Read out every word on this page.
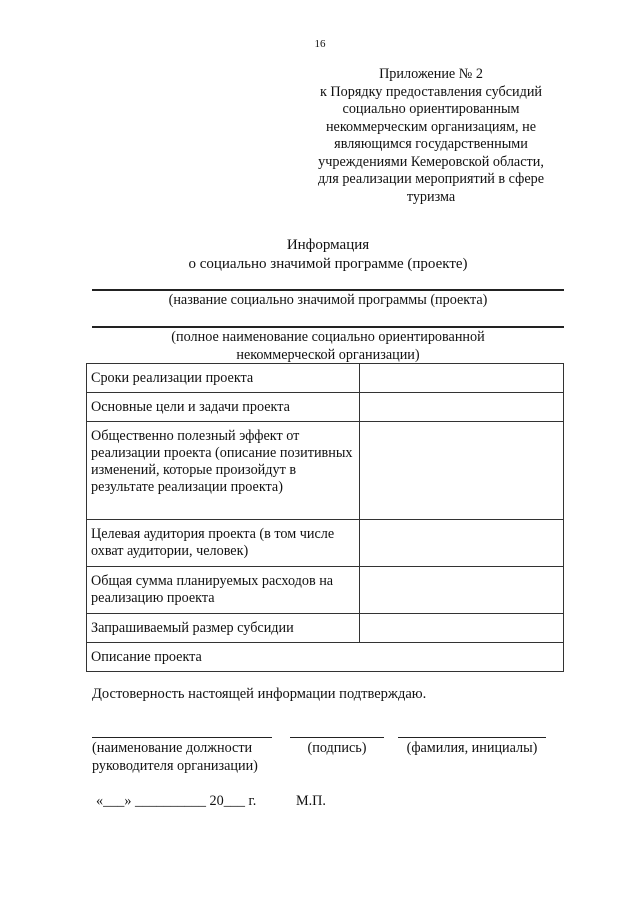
16
Приложение № 2
к Порядку предоставления субсидий
социально ориентированным
некоммерческим организациям, не
являющимся государственными
учреждениями Кемеровской области,
для реализации мероприятий в сфере
туризма
Информация
о социально значимой программе (проекте)
(название социально значимой программы (проекта)
(полное наименование социально ориентированной
некоммерческой организации)
Сроки реализации проекта	
Основные цели и задачи проекта	
Общественно полезный эффект от реализации проекта (описание позитивных изменений, которые произойдут в результате реализации проекта)	
Целевая аудитория проекта (в том числе охват аудитории, человек)	
Общая сумма планируемых расходов на реализацию проекта	
Запрашиваемый размер субсидии	
Описание проекта	
Достоверность настоящей информации подтверждаю.
(наименование должности
руководителя организации)
(подпись)	(фамилия, инициалы)
«___» __________ 20___ г.	М.П.
